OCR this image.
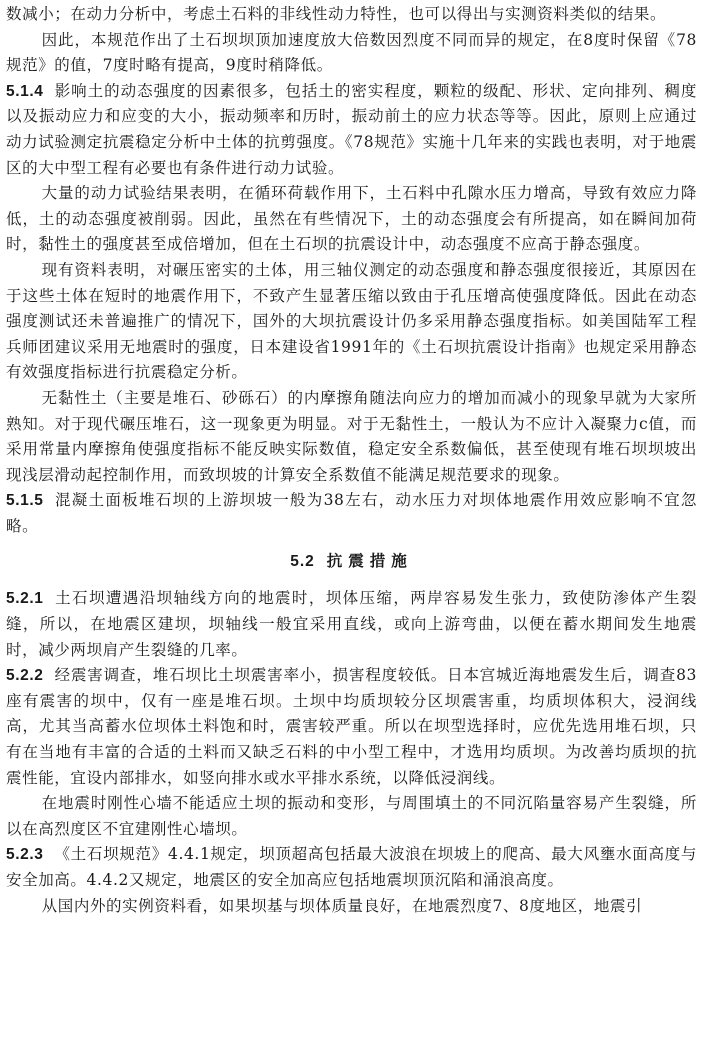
数减小；在动力分析中，考虑土石料的非线性动力特性，也可以得出与实测资料类似的结果。

因此，本规范作出了土石坝坝顶加速度放大倍数因烈度不同而异的规定，在8度时保留《78规范》的值，7度时略有提高，9度时稍降低。

5.1.4 影响土的动态强度的因素很多，包括土的密实程度，颗粒的级配、形状、定向排列、稠度以及振动应力和应变的大小，振动频率和历时，振动前土的应力状态等等。因此，原则上应通过动力试验测定抗震稳定分析中土体的抗剪强度。《78规范》实施十几年来的实践也表明，对于地震区的大中型工程有必要也有条件进行动力试验。

大量的动力试验结果表明，在循环荷载作用下，土石料中孔隙水压力增高，导致有效应力降低，土的动态强度被削弱。因此，虽然在有些情况下，土的动态强度会有所提高，如在瞬间加荷时，黏性土的强度甚至成倍增加，但在土石坝的抗震设计中，动态强度不应高于静态强度。

现有资料表明，对碾压密实的土体，用三轴仪测定的动态强度和静态强度很接近，其原因在于这些土体在短时的地震作用下，不致产生显著压缩以致由于孔压增高使强度降低。因此在动态强度测试还未普遍推广的情况下，国外的大坝抗震设计仍多采用静态强度指标。如美国陆军工程兵师团建议采用无地震时的强度，日本建设省1991年的《土石坝抗震设计指南》也规定采用静态有效强度指标进行抗震稳定分析。

无黏性土（主要是堆石、砂砾石）的内摩擦角随法向应力的增加而减小的现象早就为大家所熟知。对于现代碾压堆石，这一现象更为明显。对于无黏性土，一般认为不应计入凝聚力c值，而采用常量内摩擦角使强度指标不能反映实际数值，稳定安全系数偏低，甚至使现有堆石坝坝坡出现浅层滑动起控制作用，而致坝坡的计算安全系数值不能满足规范要求的现象。

5.1.5 混凝土面板堆石坝的上游坝坡一般为38左右，动水压力对坝体地震作用效应影响不宜忽略。

5.2 抗震措施

5.2.1 土石坝遭遇沿坝轴线方向的地震时，坝体压缩，两岸容易发生张力，致使防渗体产生裂缝，所以，在地震区建坝，坝轴线一般宜采用直线，或向上游弯曲，以便在蓄水期间发生地震时，减少两坝肩产生裂缝的几率。

5.2.2 经震害调查，堆石坝比土坝震害率小，损害程度较低。日本宫城近海地震发生后，调查83座有震害的坝中，仅有一座是堆石坝。土坝中均质坝较分区坝震害重，均质坝体积大，浸润线高，尤其当高蓄水位坝体土料饱和时，震害较严重。所以在坝型选择时，应优先选用堆石坝，只有在当地有丰富的合适的土料而又缺乏石料的中小型工程中，才选用均质坝。为改善均质坝的抗震性能，宜设内部排水，如竖向排水或水平排水系统，以降低浸润线。

在地震时刚性心墙不能适应土坝的振动和变形，与周围填土的不同沉陷量容易产生裂缝，所以在高烈度区不宜建刚性心墙坝。

5.2.3 《土石坝规范》4.4.1规定，坝顶超高包括最大波浪在坝坡上的爬高、最大风壅水面高度与安全加高。4.4.2又规定，地震区的安全加高应包括地震坝顶沉陷和涌浪高度。

从国内外的实例资料看，如果坝基与坝体质量良好，在地震烈度7、8度地区，地震引
